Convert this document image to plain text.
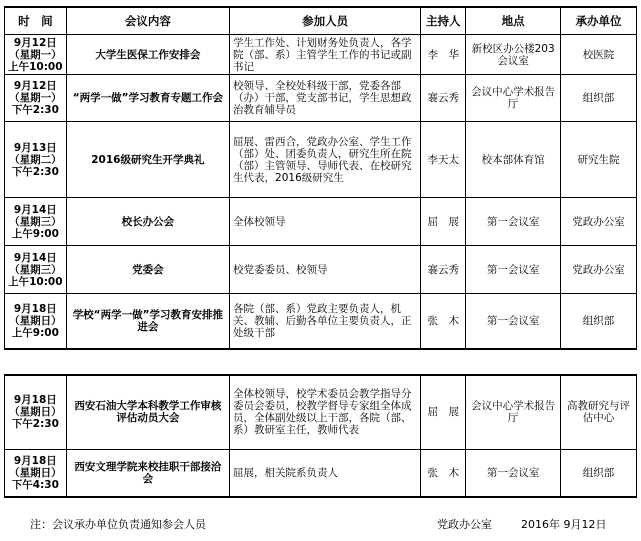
时　间	会议内容	参加人员	主持人	地点	承办单位

9月12日
（星期一）
上午10:00	大学生医保工作安排会	学生工作处、计划财务处负责人，各学院（部、系）主管学生工作的书记或副书记	李　华	新校区办公楼203会议室	校医院

9月12日
（星期一）
下午2:30	“两学一做”学习教育专题工作会	校领导、全校处科级干部，党委各部（办）干部，党支部书记，学生思想政治教育辅导员	褰云秀	会议中心学术报告厅	组织部

9月13日
（星期二）
下午2:30	2016级研究生开学典礼	屈展、雷西合，党政办公室、学生工作（部）处、团委负责人，研究生所在院（部）主管领导、导师代表、在校研究生代表，2016级研究生	李天太	校本部体育馆	研究生院

9月14日
（星期三）
上午9:00	校长办公会	全体校领导	屈　展	第一会议室	党政办公室

9月14日
（星期三）
上午10:00	党委会	校党委委员、校领导	褰云秀	第一会议室	党政办公室

9月18日
（星期日）
上午9:00	学校“两学一做”学习教育安排推进会	各院（部、系）党政主要负责人，机关、教辅、后勤各单位主要负责人，正处级干部	张　木	第一会议室	组织部
9月18日
（星期日）
下午2:30	西安石油大学本科教学工作审核评估动员大会	全体校领导，校学术委员会教学指导分委员会委员，校教学督导专家组全体成员，全体副处级以上干部，各院（部、系）教研室主任，教师代表	屈　展	会议中心学术报告厅	高教研究与评估中心

9月18日
（星期日）
下午4:30	西安文理学院来校挂职干部接洽会	屈展，相关院系负责人	张　木	第一会议室	组织部
注：会议承办单位负责通知参会人员	党政办公室	2016年 9月12日
